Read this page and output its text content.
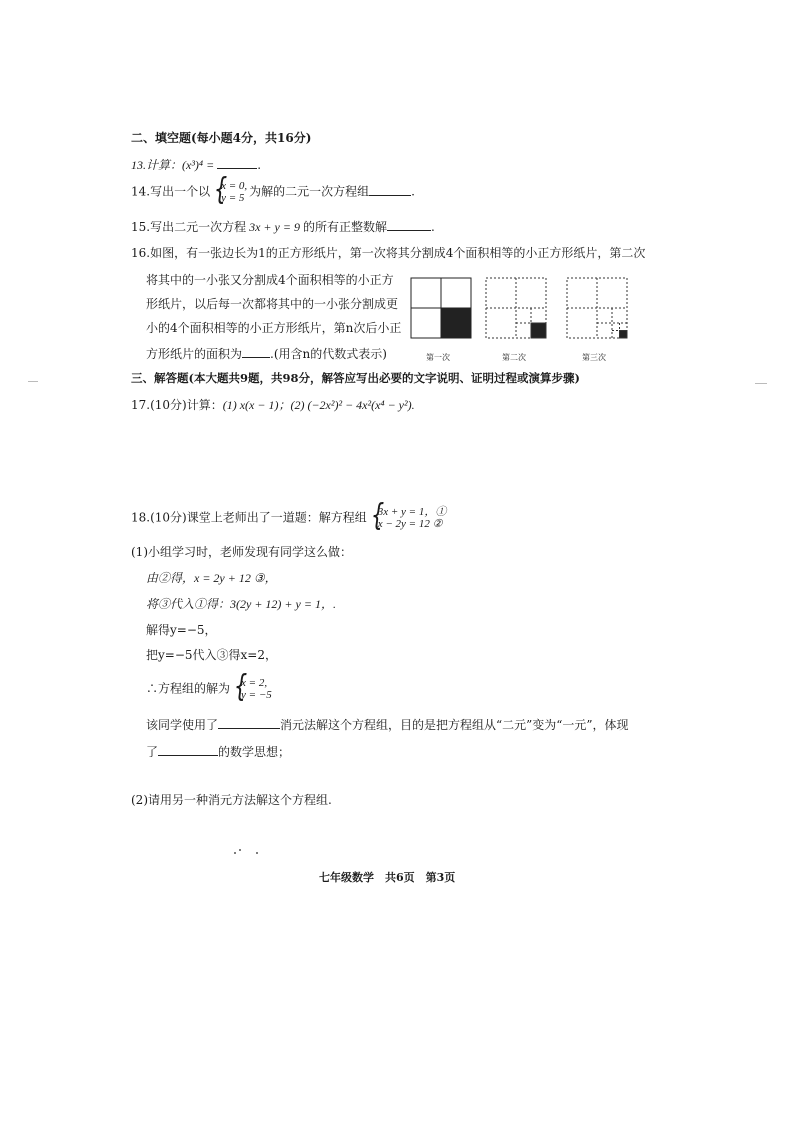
二、填空题(每小题4分，共16分)
13.计算：(x³)⁴ =	.
14.写出一个以 { x = 0,
y = 5 为解的二元一次方程组	.
15.写出二元一次方程 3x + y = 9 的所有正整数解	.
16.如图，有一张边长为1的正方形纸片，第一次将其分割成4个面积相等的小正方形纸片，第二次
将其中的一小张又分割成4个面积相等的小正方
形纸片，以后每一次都将其中的一小张分割成更
小的4个面积相等的小正方形纸片，第n次后小正
方形纸片的面积为 .(用含n的代数式表示)	第一次	第二次	第三次
三、解答题(本大题共9题，共98分，解答应写出必要的文字说明、证明过程或演算步骤)
17.(10分)计算：(1) x(x − 1)；(2) (−2x²)² − 4x²(x⁴ − y²).
18.(10分)课堂上老师出了一道题：解方程组 { 3x + y = 1，①
x − 2y = 12 ②
(1)小组学习时，老师发现有同学这么做：
由②得，x = 2y + 12 ③，
将③代入①得：3(2y + 12) + y = 1，.
解得y=−5，
把y=−5代入③得x=2，
∴方程组的解为 { x = 2,
y = −5
该同学使用了	消元法解这个方程组，目的是把方程组从“二元”变为“一元”，体现
了	的数学思想；
(2)请用另一种消元方法解这个方程组.
七年级数学　共6页　第3页
